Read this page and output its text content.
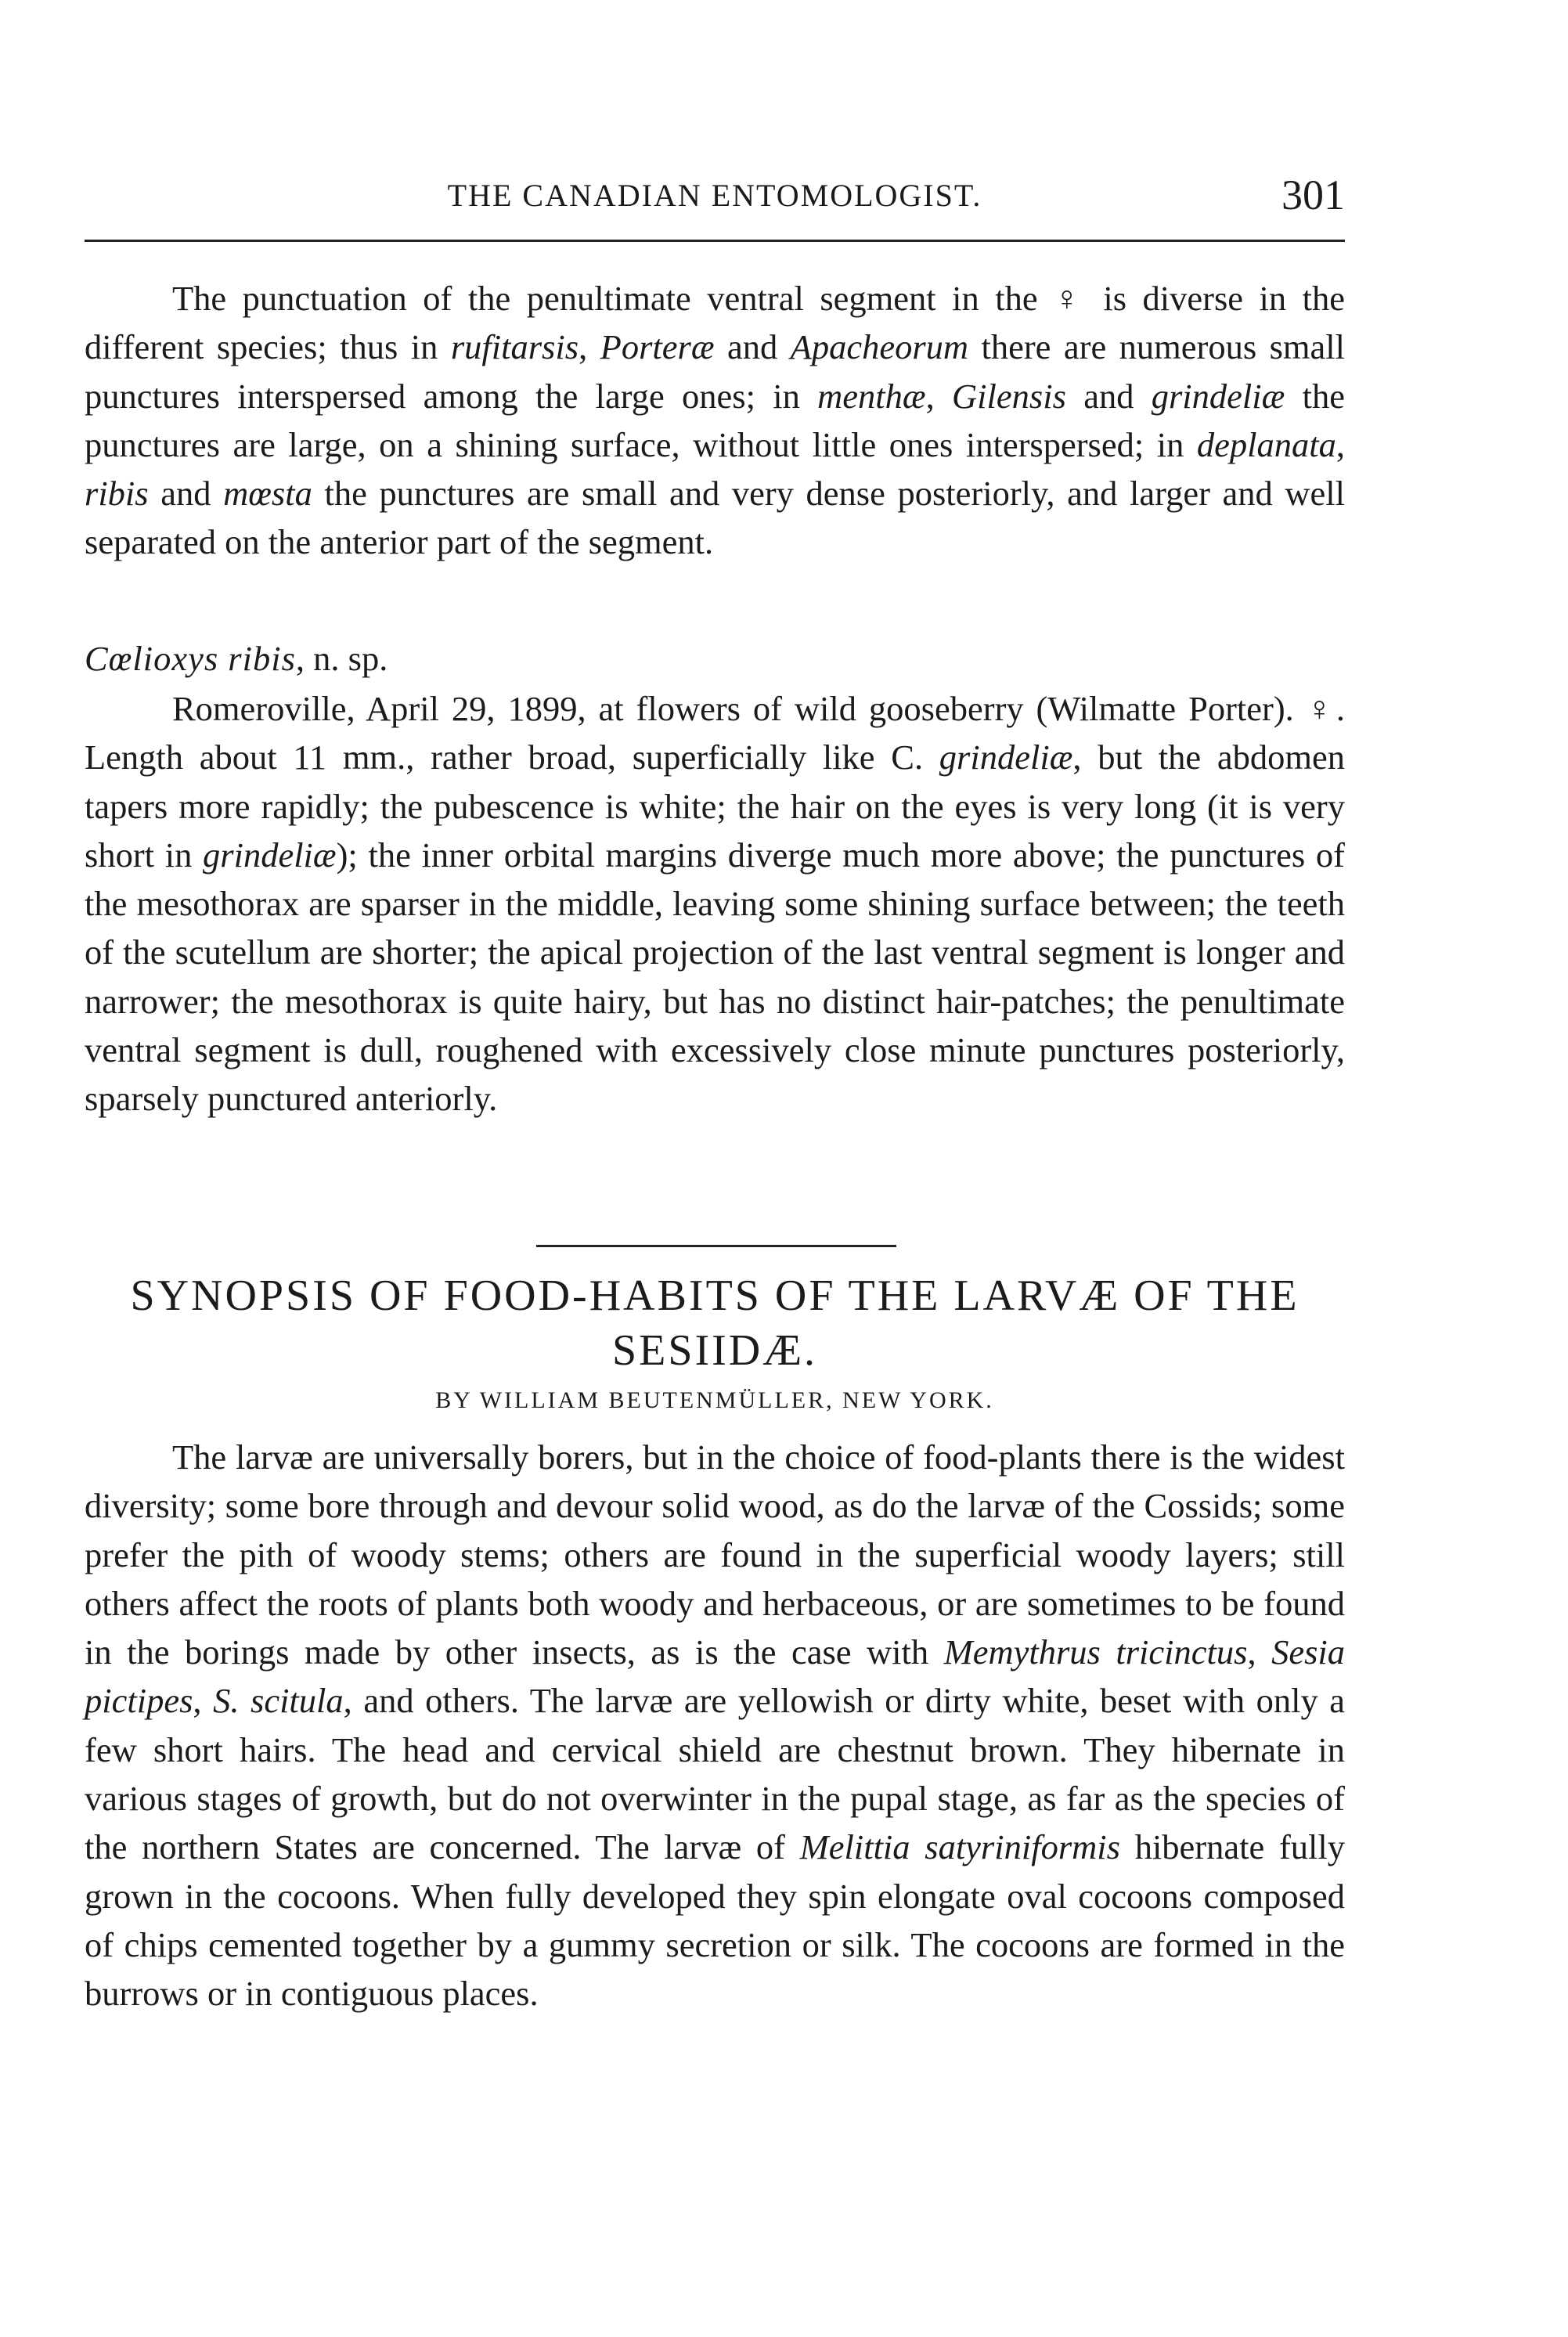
THE CANADIAN ENTOMOLOGIST.	301

The punctuation of the penultimate ventral segment in the ♀ is diverse in the different species; thus in rufitarsis, Porteræ and Apacheorum there are numerous small punctures interspersed among the large ones; in menthæ, Gilensis and grindeliæ the punctures are large, on a shining surface, without little ones interspersed; in deplanata, ribis and mœsta the punctures are small and very dense posteriorly, and larger and well separated on the anterior part of the segment.

Cœlioxys ribis, n. sp.

Romeroville, April 29, 1899, at flowers of wild gooseberry (Wilmatte Porter). ♀. Length about 11 mm., rather broad, superficially like C. grindeliæ, but the abdomen tapers more rapidly; the pubescence is white; the hair on the eyes is very long (it is very short in grindeliæ); the inner orbital margins diverge much more above; the punctures of the mesothorax are sparser in the middle, leaving some shining surface between; the teeth of the scutellum are shorter; the apical projection of the last ventral segment is longer and narrower; the mesothorax is quite hairy, but has no distinct hair-patches; the penultimate ventral segment is dull, roughened with excessively close minute punctures posteriorly, sparsely punctured anteriorly.

SYNOPSIS OF FOOD-HABITS OF THE LARVÆ OF THE SESIIDÆ.
BY WILLIAM BEUTENMÜLLER, NEW YORK.

The larvæ are universally borers, but in the choice of food-plants there is the widest diversity; some bore through and devour solid wood, as do the larvæ of the Cossids; some prefer the pith of woody stems; others are found in the superficial woody layers; still others affect the roots of plants both woody and herbaceous, or are sometimes to be found in the borings made by other insects, as is the case with Memythrus tricinctus, Sesia pictipes, S. scitula, and others. The larvæ are yellowish or dirty white, beset with only a few short hairs. The head and cervical shield are chestnut brown. They hibernate in various stages of growth, but do not overwinter in the pupal stage, as far as the species of the northern States are concerned. The larvæ of Melittia satyriniformis hibernate fully grown in the cocoons. When fully developed they spin elongate oval cocoons composed of chips cemented together by a gummy secretion or silk. The cocoons are formed in the burrows or in contiguous places.
